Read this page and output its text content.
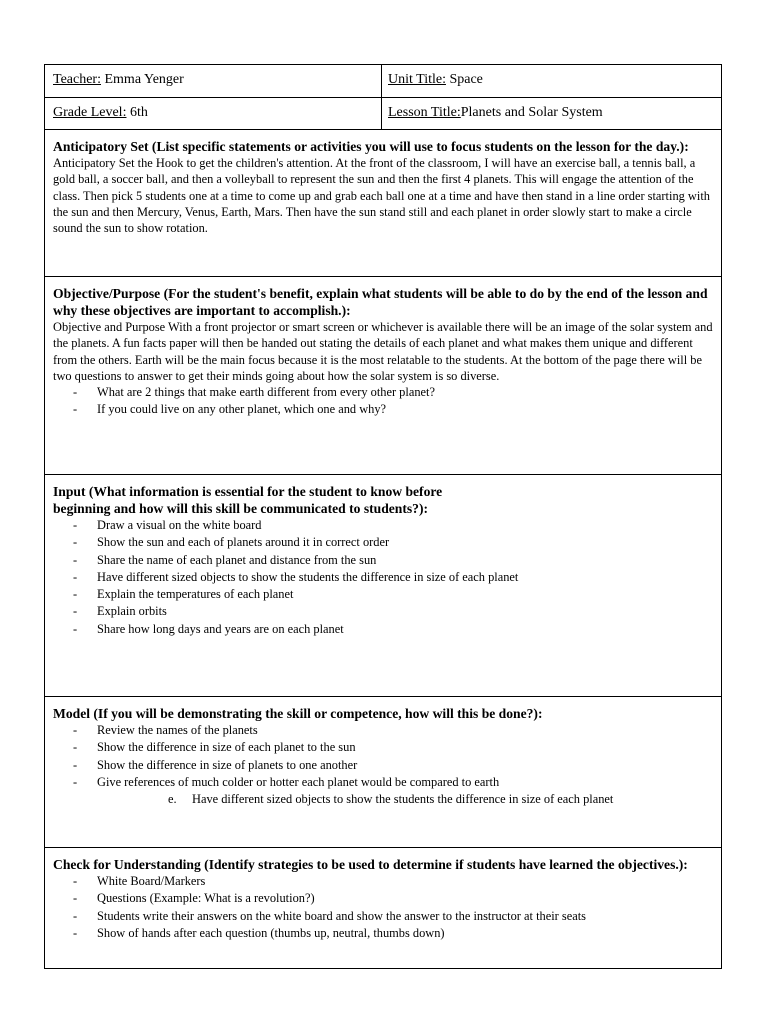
Teacher: Emma Yenger	Unit Title: Space
Grade Level: 6th	Lesson Title:Planets and Solar System
Anticipatory Set (List specific statements or activities you will use to focus students on the lesson for the day.):
Anticipatory Set the Hook to get the children's attention. At the front of the classroom, I will have an exercise ball, a tennis ball, a gold ball, a soccer ball, and then a volleyball to represent the sun and then the first 4 planets. This will engage the attention of the class. Then pick 5 students one at a time to come up and grab each ball one at a time and have then stand in a line order starting with the sun and then Mercury, Venus, Earth, Mars. Then have the sun stand still and each planet in order slowly start to make a circle sound the sun to show rotation.
Objective/Purpose (For the student's benefit, explain what students will be able to do by the end of the lesson and why these objectives are important to accomplish.):
Objective and Purpose With a front projector or smart screen or whichever is available there will be an image of the solar system and the planets. A fun facts paper will then be handed out stating the details of each planet and what makes them unique and different from the others. Earth will be the main focus because it is the most relatable to the students. At the bottom of the page there will be two questions to answer to get their minds going about how the solar system is so diverse.
- What are 2 things that make earth different from every other planet?
- If you could live on any other planet, which one and why?
Input (What information is essential for the student to know before
beginning and how will this skill be communicated to students?):
- Draw a visual on the white board
- Show the sun and each of planets around it in correct order
- Share the name of each planet and distance from the sun
- Have different sized objects to show the students the difference in size of each planet
- Explain the temperatures of each planet
- Explain orbits
- Share how long days and years are on each planet
Model (If you will be demonstrating the skill or competence, how will this be done?):
- Review the names of the planets
- Show the difference in size of each planet to the sun
- Show the difference in size of planets to one another
- Give references of much colder or hotter each planet would be compared to earth
e. Have different sized objects to show the students the difference in size of each planet
Check for Understanding (Identify strategies to be used to determine if students have learned the objectives.):
- White Board/Markers
- Questions (Example: What is a revolution?)
- Students write their answers on the white board and show the answer to the instructor at their seats
- Show of hands after each question (thumbs up, neutral, thumbs down)
